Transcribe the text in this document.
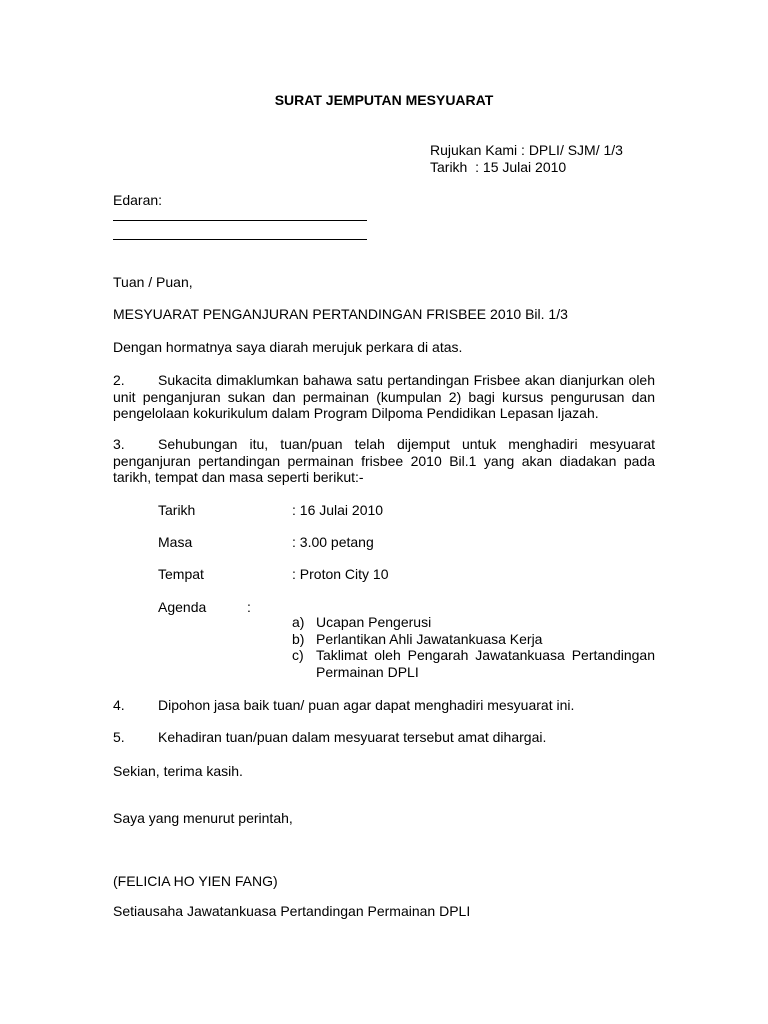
SURAT JEMPUTAN MESYUARAT
Rujukan Kami : DPLI/ SJM/ 1/3
Tarikh  : 15 Julai 2010
Edaran:
Tuan / Puan,
MESYUARAT PENGANJURAN PERTANDINGAN FRISBEE 2010 Bil. 1/3
Dengan hormatnya saya diarah merujuk perkara di atas.
2.	Sukacita dimaklumkan bahawa satu pertandingan Frisbee akan dianjurkan oleh
unit penganjuran sukan dan permainan (kumpulan 2) bagi kursus pengurusan dan
pengelolaan kokurikulum dalam Program Dilpoma Pendidikan Lepasan Ijazah.
3.	Sehubungan itu, tuan/puan telah dijemput untuk menghadiri mesyuarat
penganjuran pertandingan permainan frisbee 2010 Bil.1 yang akan diadakan pada
tarikh, tempat dan masa seperti berikut:-
Tarikh	: 16 Julai 2010
Masa	: 3.00 petang
Tempat	: Proton City 10
Agenda	:
a) Ucapan Pengerusi
b) Perlantikan Ahli Jawatankuasa Kerja
c) Taklimat oleh Pengarah Jawatankuasa Pertandingan
Permainan DPLI
4.	Dipohon jasa baik tuan/ puan agar dapat menghadiri mesyuarat ini.
5.	Kehadiran tuan/puan dalam mesyuarat tersebut amat dihargai.
Sekian, terima kasih.
Saya yang menurut perintah,
(FELICIA HO YIEN FANG)
Setiausaha Jawatankuasa Pertandingan Permainan DPLI
